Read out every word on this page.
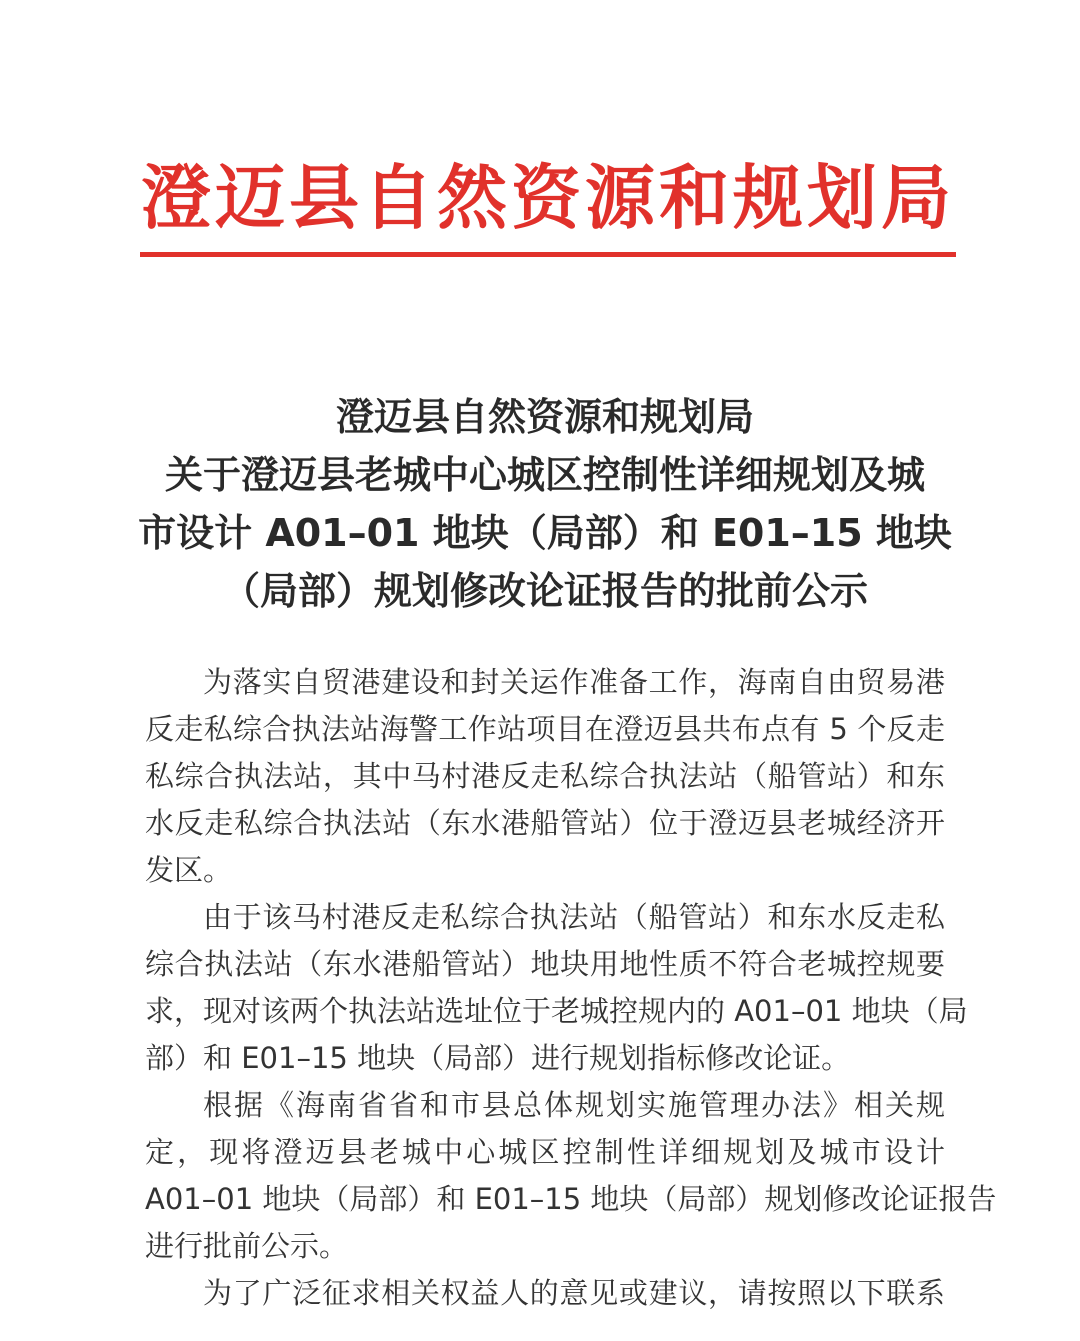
澄迈县自然资源和规划局
澄迈县自然资源和规划局
关于澄迈县老城中心城区控制性详细规划及城
市设计 A01–01 地块（局部）和 E01–15 地块
（局部）规划修改论证报告的批前公示
为落实自贸港建设和封关运作准备工作，海南自由贸易港
反走私综合执法站海警工作站项目在澄迈县共布点有 5 个反走
私综合执法站，其中马村港反走私综合执法站（船管站）和东
水反走私综合执法站（东水港船管站）位于澄迈县老城经济开
发区。
由于该马村港反走私综合执法站（船管站）和东水反走私
综合执法站（东水港船管站）地块用地性质不符合老城控规要
求，现对该两个执法站选址位于老城控规内的 A01–01 地块（局
部）和 E01–15 地块（局部）进行规划指标修改论证。
根据《海南省省和市县总体规划实施管理办法》相关规
定，现将澄迈县老城中心城区控制性详细规划及城市设计
A01–01 地块（局部）和 E01–15 地块（局部）规划修改论证报告
进行批前公示。
为了广泛征求相关权益人的意见或建议，请按照以下联系
